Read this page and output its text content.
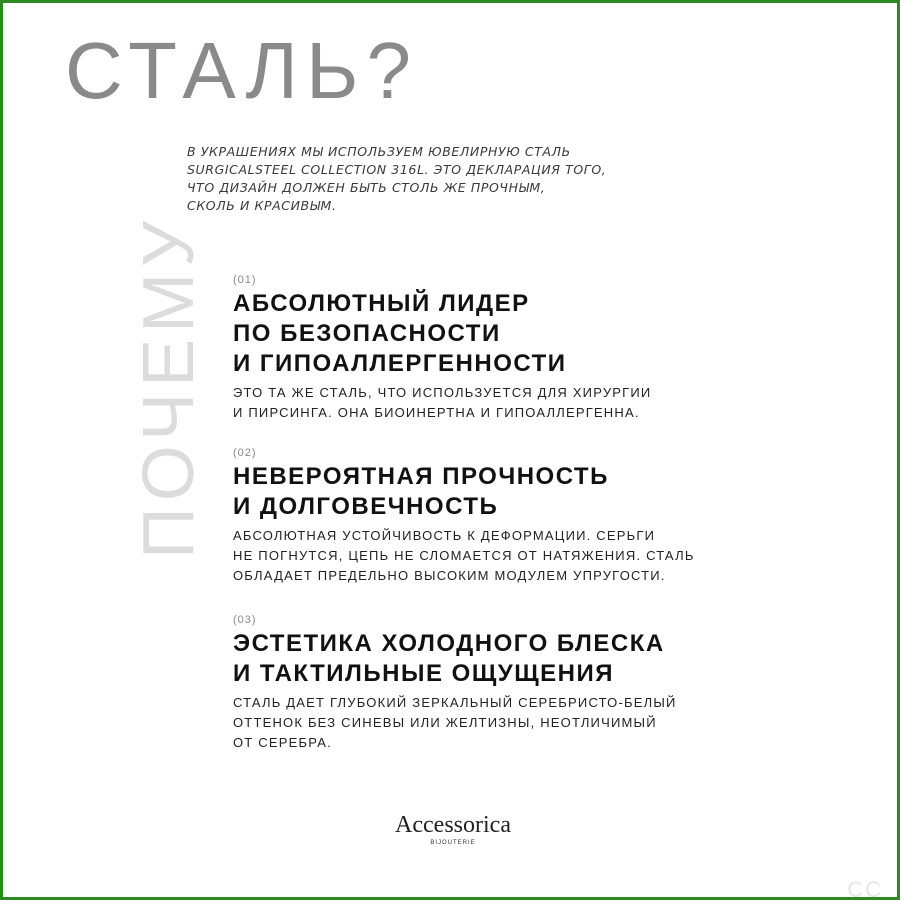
СТАЛЬ?
ПОЧЕМУ
В УКРАШЕНИЯХ МЫ ИСПОЛЬЗУЕМ ЮВЕЛИРНУЮ СТАЛЬ
SURGICALSTEEL COLLECTION 316L. ЭТО ДЕКЛАРАЦИЯ ТОГО,
ЧТО ДИЗАЙН ДОЛЖЕН БЫТЬ СТОЛЬ ЖЕ ПРОЧНЫМ,
СКОЛЬ И КРАСИВЫМ.
(01)
АБСОЛЮТНЫЙ ЛИДЕР
ПО БЕЗОПАСНОСТИ
И ГИПОАЛЛЕРГЕННОСТИ
ЭТО ТА ЖЕ СТАЛЬ, ЧТО ИСПОЛЬЗУЕТСЯ ДЛЯ ХИРУРГИИ
И ПИРСИНГА. ОНА БИОИНЕРТНА И ГИПОАЛЛЕРГЕННА.
(02)
НЕВЕРОЯТНАЯ ПРОЧНОСТЬ
И ДОЛГОВЕЧНОСТЬ
АБСОЛЮТНАЯ УСТОЙЧИВОСТЬ К ДЕФОРМАЦИИ. СЕРЬГИ
НЕ ПОГНУТСЯ, ЦЕПЬ НЕ СЛОМАЕТСЯ ОТ НАТЯЖЕНИЯ. СТАЛЬ
ОБЛАДАЕТ ПРЕДЕЛЬНО ВЫСОКИМ МОДУЛЕМ УПРУГОСТИ.
(03)
ЭСТЕТИКА ХОЛОДНОГО БЛЕСКА
И ТАКТИЛЬНЫЕ ОЩУЩЕНИЯ
СТАЛЬ ДАЕТ ГЛУБОКИЙ ЗЕРКАЛЬНЫЙ СЕРЕБРИСТО-БЕЛЫЙ
ОТТЕНОК БЕЗ СИНЕВЫ ИЛИ ЖЕЛТИЗНЫ, НЕОТЛИЧИМЫЙ
ОТ СЕРЕБРА.
Accessorica
BIJOUTERIE
CC
